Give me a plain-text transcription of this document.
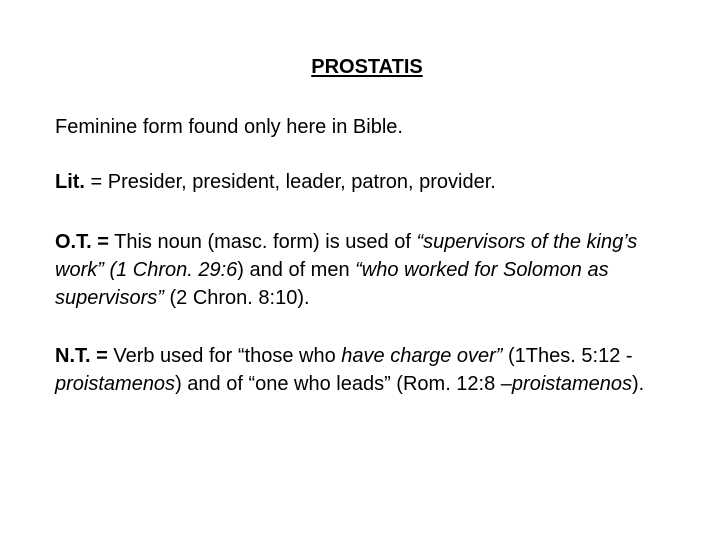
PROSTATIS

Feminine form found only here in Bible.

Lit. = Presider, president, leader, patron, provider.

O.T. = This noun (masc. form) is used of “supervisors of the king’s work” (1 Chron. 29:6) and of men “who worked for Solomon as supervisors” (2 Chron. 8:10).

N.T. = Verb used for “those who have charge over” (1Thes. 5:12 -proistamenos) and of “one who leads” (Rom. 12:8 –proistamenos).
